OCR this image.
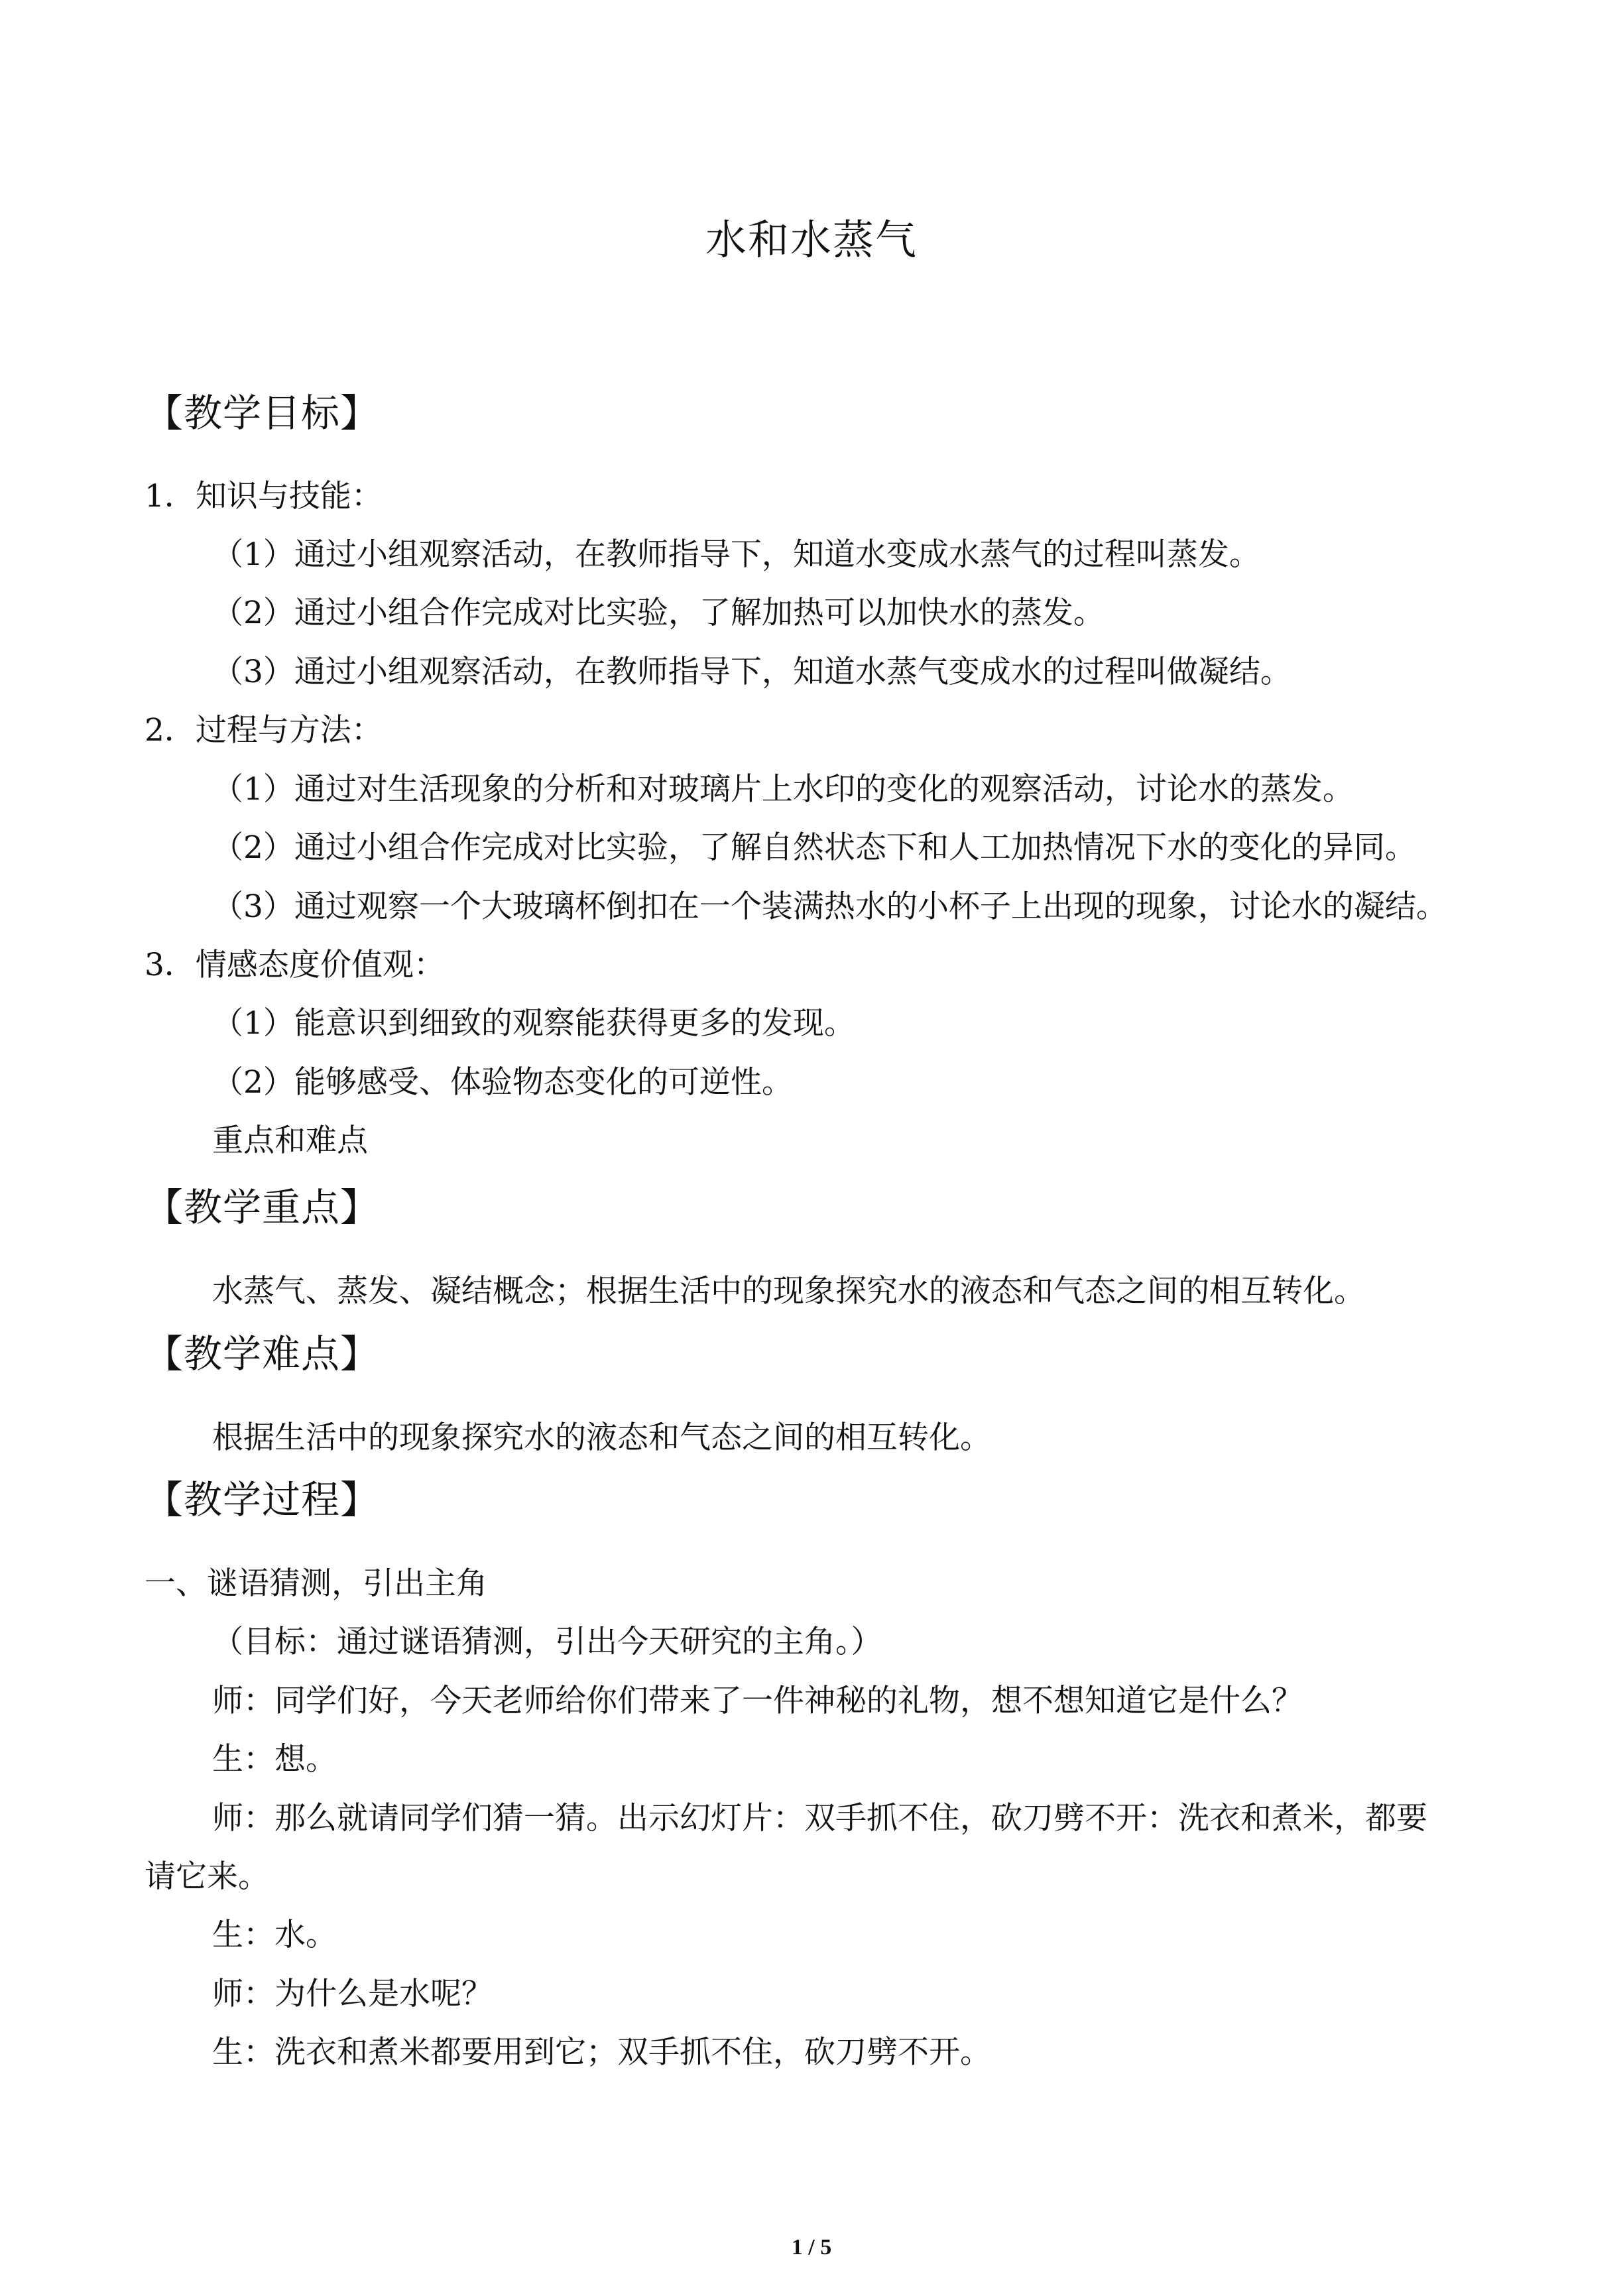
水和水蒸气
【教学目标】
1．知识与技能：
（1）通过小组观察活动，在教师指导下，知道水变成水蒸气的过程叫蒸发。
（2）通过小组合作完成对比实验，了解加热可以加快水的蒸发。
（3）通过小组观察活动，在教师指导下，知道水蒸气变成水的过程叫做凝结。
2．过程与方法：
（1）通过对生活现象的分析和对玻璃片上水印的变化的观察活动，讨论水的蒸发。
（2）通过小组合作完成对比实验，了解自然状态下和人工加热情况下水的变化的异同。
（3）通过观察一个大玻璃杯倒扣在一个装满热水的小杯子上出现的现象，讨论水的凝结。
3．情感态度价值观：
（1）能意识到细致的观察能获得更多的发现。
（2）能够感受、体验物态变化的可逆性。
重点和难点
【教学重点】
水蒸气、蒸发、凝结概念；根据生活中的现象探究水的液态和气态之间的相互转化。
【教学难点】
根据生活中的现象探究水的液态和气态之间的相互转化。
【教学过程】
一、谜语猜测，引出主角
（目标：通过谜语猜测，引出今天研究的主角。）
师：同学们好，今天老师给你们带来了一件神秘的礼物，想不想知道它是什么？
生：想。
师：那么就请同学们猜一猜。出示幻灯片：双手抓不住，砍刀劈不开：洗衣和煮米，都要
请它来。
生：水。
师：为什么是水呢？
生：洗衣和煮米都要用到它；双手抓不住，砍刀劈不开。
1 / 5
